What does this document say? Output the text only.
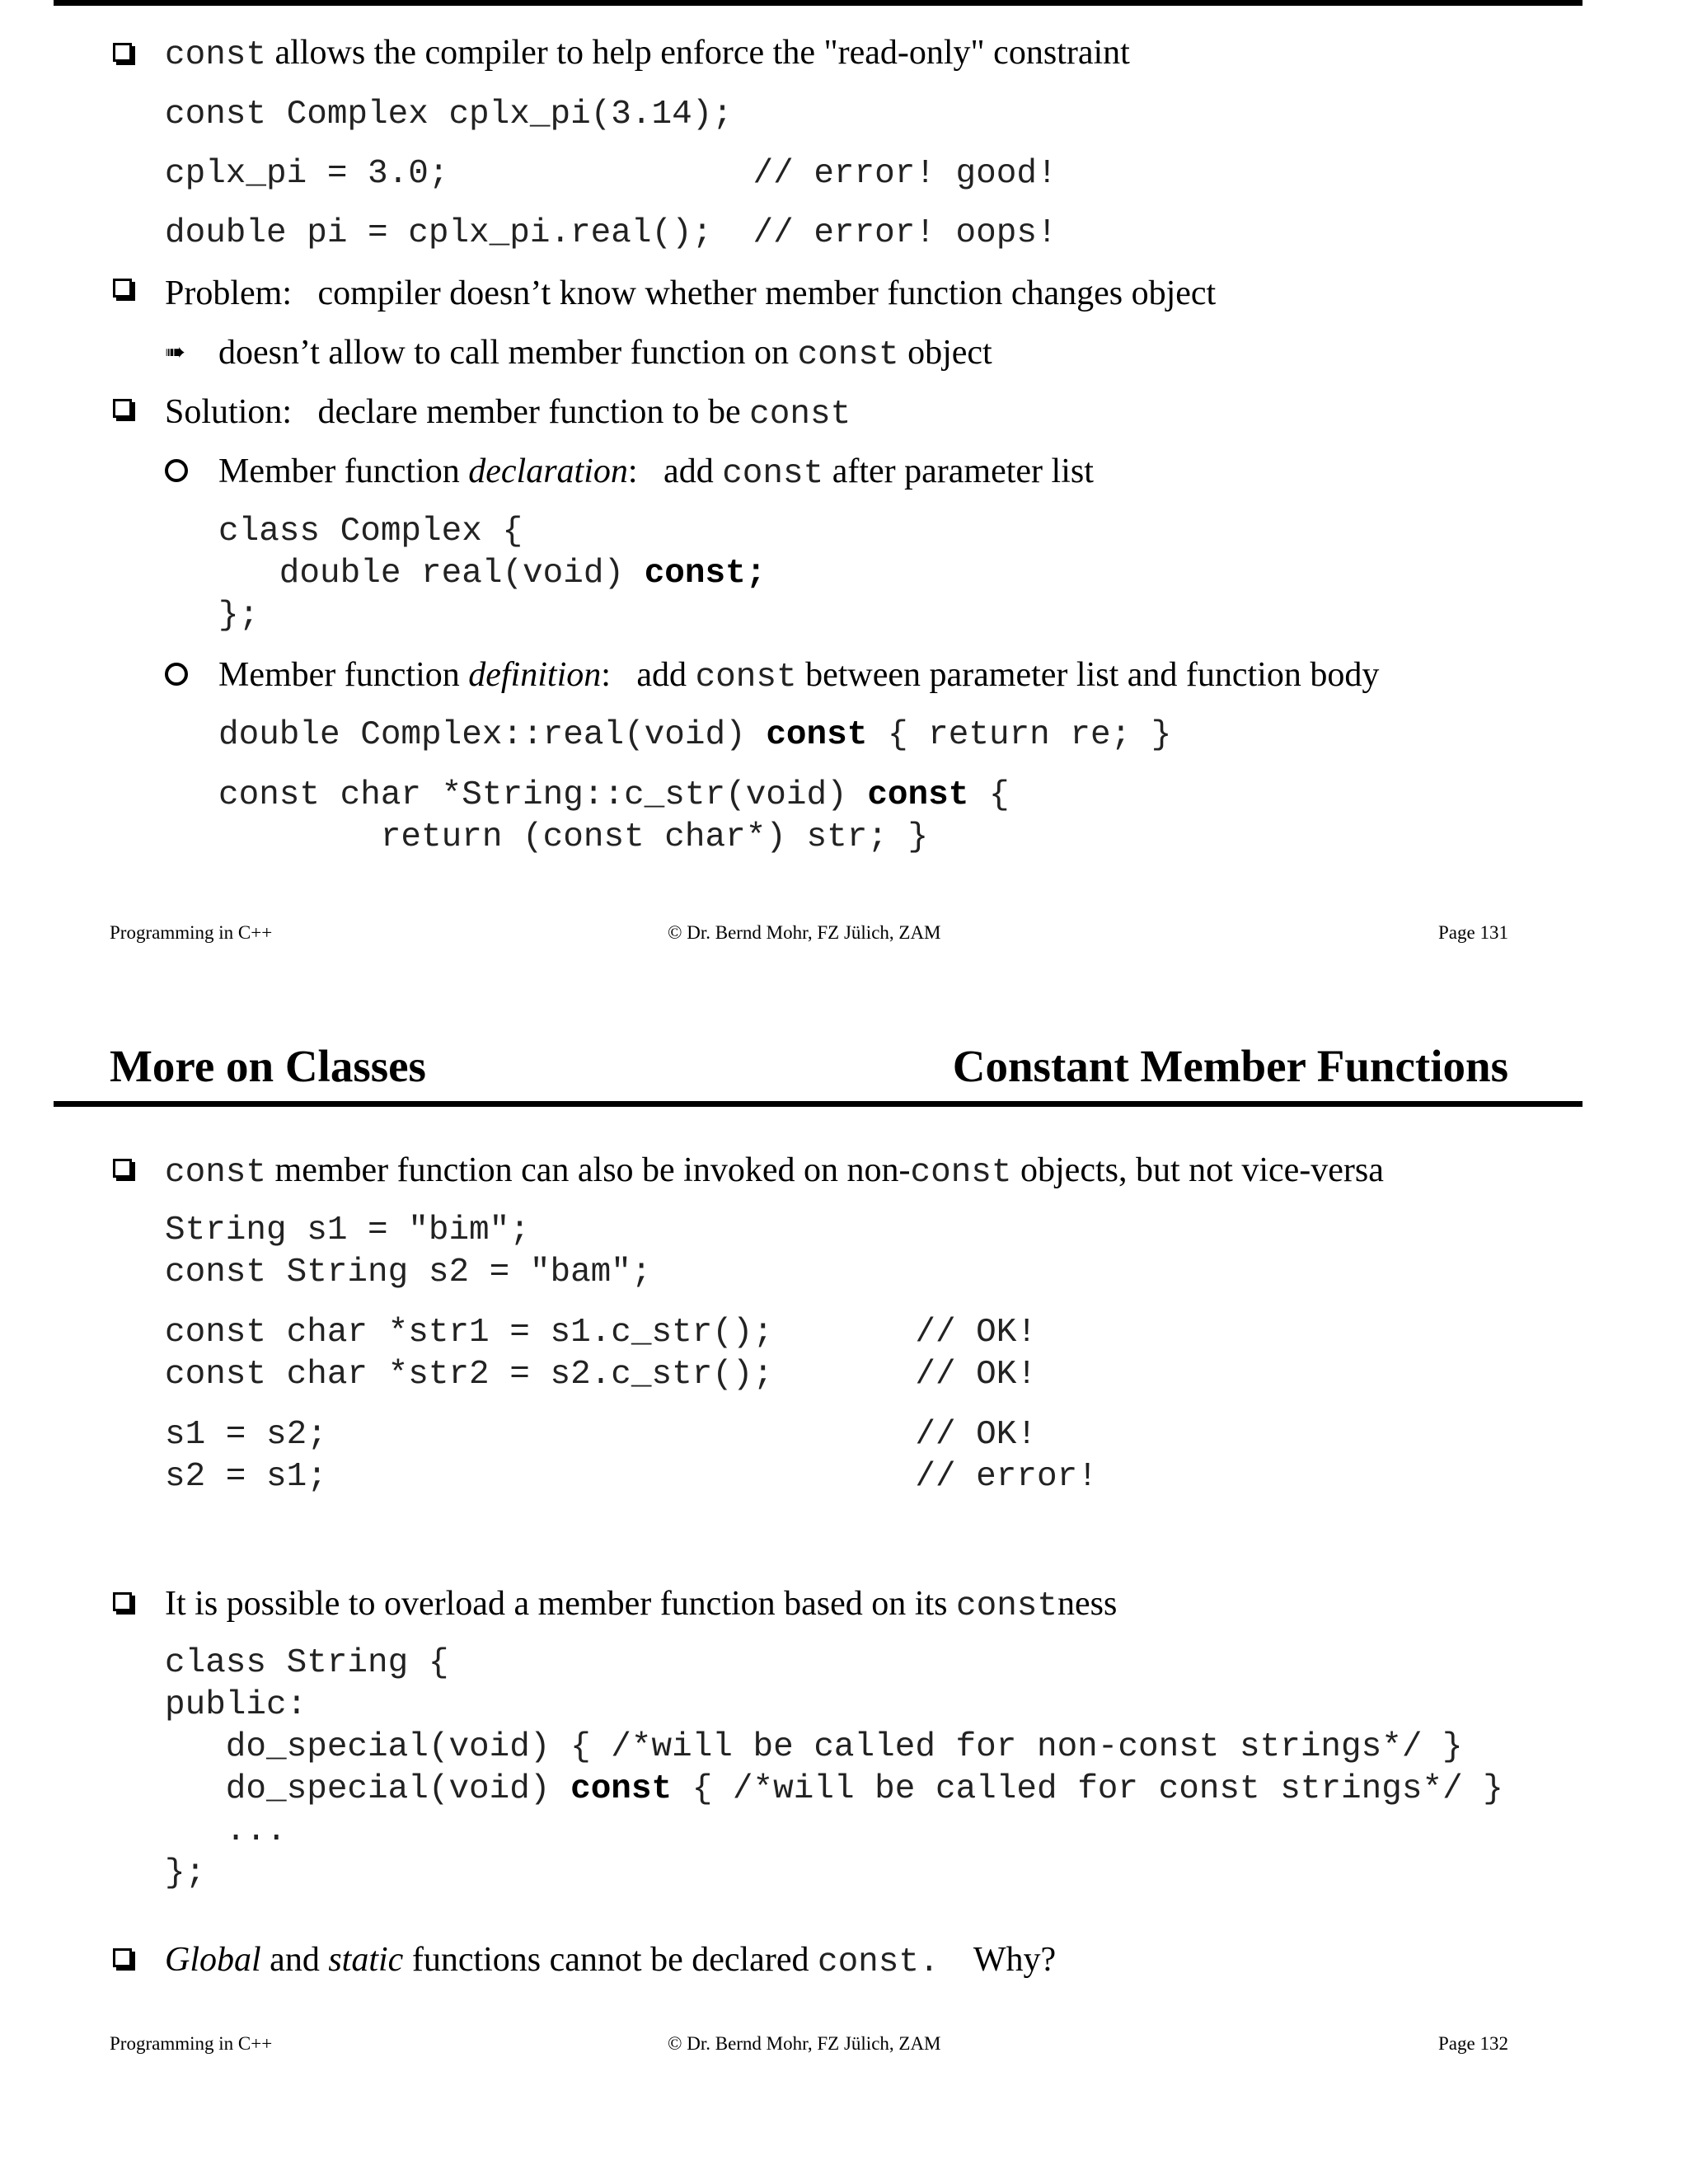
const allows the compiler to help enforce the "read-only" constraint
const Complex cplx_pi(3.14);
cplx_pi = 3.0;               // error! good!
double pi = cplx_pi.real();  // error! oops!
Problem: compiler doesn’t know whether member function changes object
➠ doesn’t allow to call member function on const object
Solution: declare member function to be const
Member function declaration:   add const after parameter list
class Complex {
double real(void) const;
};
Member function definition:   add const between parameter list and function body
double Complex::real(void) const { return re; }
const char *String::c_str(void) const {
return (const char*) str; }
Programming in C++	© Dr. Bernd Mohr, FZ Jülich, ZAM	Page 131
More on Classes	Constant Member Functions
const member function can also be invoked on non-const objects, but not vice-versa
String s1 = "bim";
const String s2 = "bam";
const char *str1 = s1.c_str();       // OK!
const char *str2 = s2.c_str();       // OK!
s1 = s2;                             // OK!
s2 = s1;                             // error!
It is possible to overload a member function based on its constness
class String {
public:
do_special(void) { /*will be called for non-const strings*/ }
do_special(void) const { /*will be called for const strings*/ }
...
};
Global and static functions cannot be declared const.    Why?
Programming in C++	© Dr. Bernd Mohr, FZ Jülich, ZAM	Page 132
